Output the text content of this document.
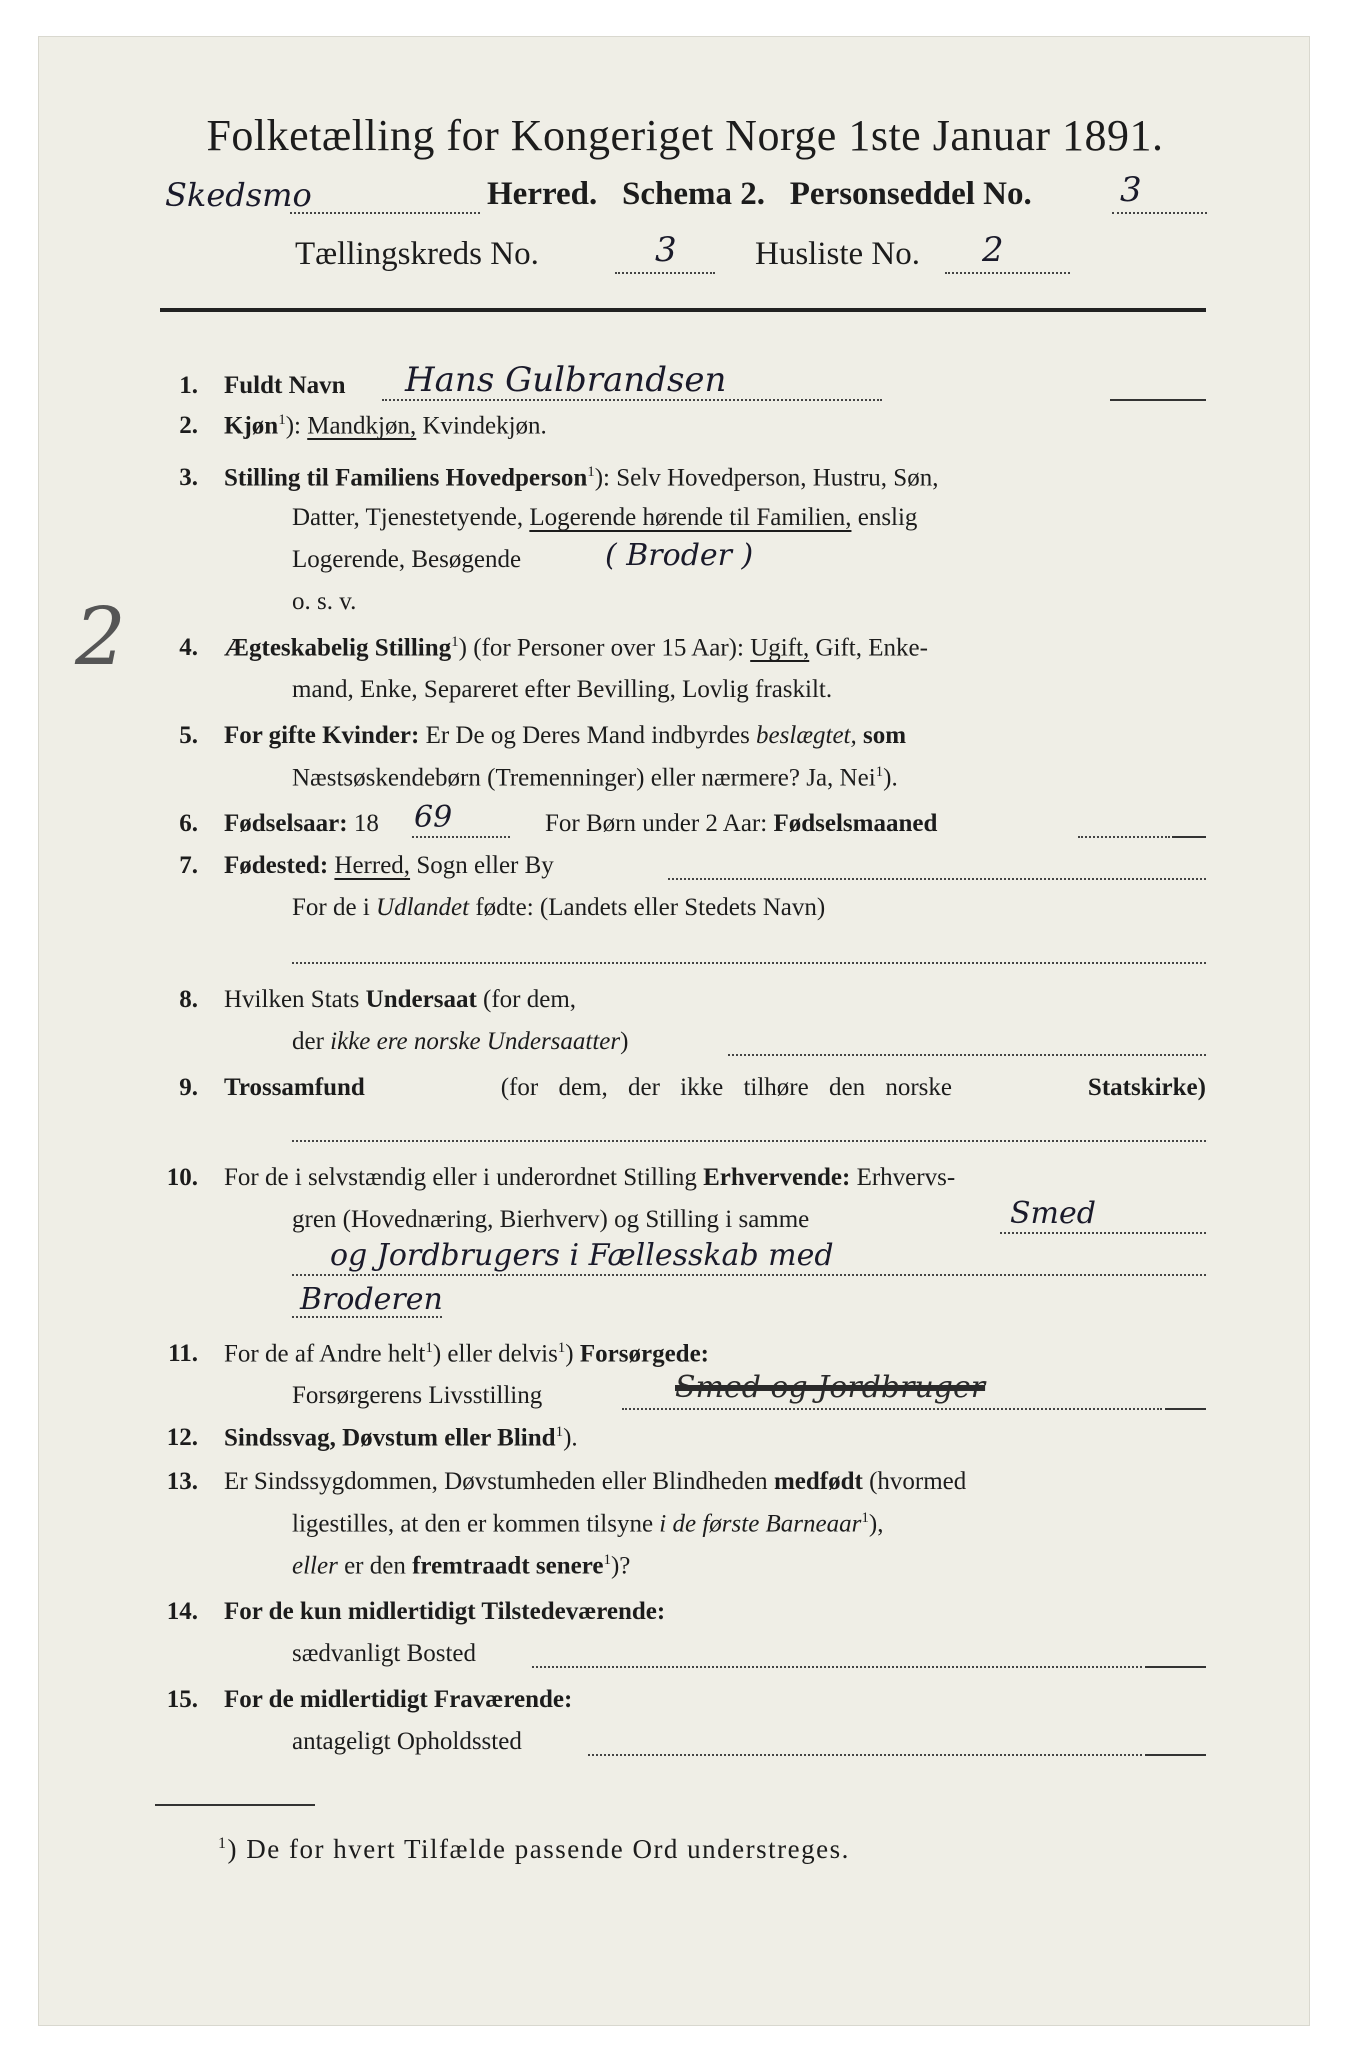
Folketælling for Kongeriget Norge 1ste Januar 1891.
Skedsmo	Herred. Schema 2. Personseddel No.	3
Tællingskreds No.	3 Husliste No. 2
2
1. Fuldt Navn Hans Gulbrandsen
2. Kjøn$^1$): Mandkjøn, Kvindekjøn.
3. Stilling til Familiens Hovedperson$^1$): Selv Hovedperson, Hustru, Søn,
Datter, Tjenestetyende, Logerende hørende til Familien, enslig
Logerende, Besøgende	( Broder )
o. s. v.
4. Ægteskabelig Stilling$^1$) (for Personer over 15 Aar): Ugift, Gift, Enke-
mand, Enke, Separeret efter Bevilling, Lovlig fraskilt.
5. For gifte Kvinder: Er De og Deres Mand indbyrdes beslægtet, som
Næstsøskendebørn (Tremenninger) eller nærmere? Ja, Nei$^1$).
6. Fødselsaar: 18 69	For Børn under 2 Aar: Fødselsmaaned
7. Fødested: Herred, Sogn eller By
For de i Udlandet fødte: (Landets eller Stedets Navn)
8. Hvilken Stats Undersaat (for dem,
der ikke ere norske Undersaatter)
9. Trossamfund	(for dem, der ikke tilhøre den norske	Statskirke)
10. For de i selvstændig eller i underordnet Stilling Erhvervende: Erhvervs-
gren (Hovednæring, Bierhverv) og Stilling i samme	Smed
og Jordbrugers i Fællesskab med
Broderen
11. For de af Andre helt$^1$) eller delvis$^1$) Forsørgede:
Forsørgerens Livsstilling	Smed og Jordbruger
12. Sindssvag, Døvstum eller Blind$^1$).
13. Er Sindssygdommen, Døvstumheden eller Blindheden medfødt (hvormed
ligestilles, at den er kommen tilsyne i de første Barneaar$^1$),
eller er den fremtraadt senere$^1$)?
14. For de kun midlertidigt Tilstedeværende:
sædvanligt Bosted
15. For de midlertidigt Fraværende:
antageligt Opholdssted
$^1$) De for hvert Tilfælde passende Ord understreges.
